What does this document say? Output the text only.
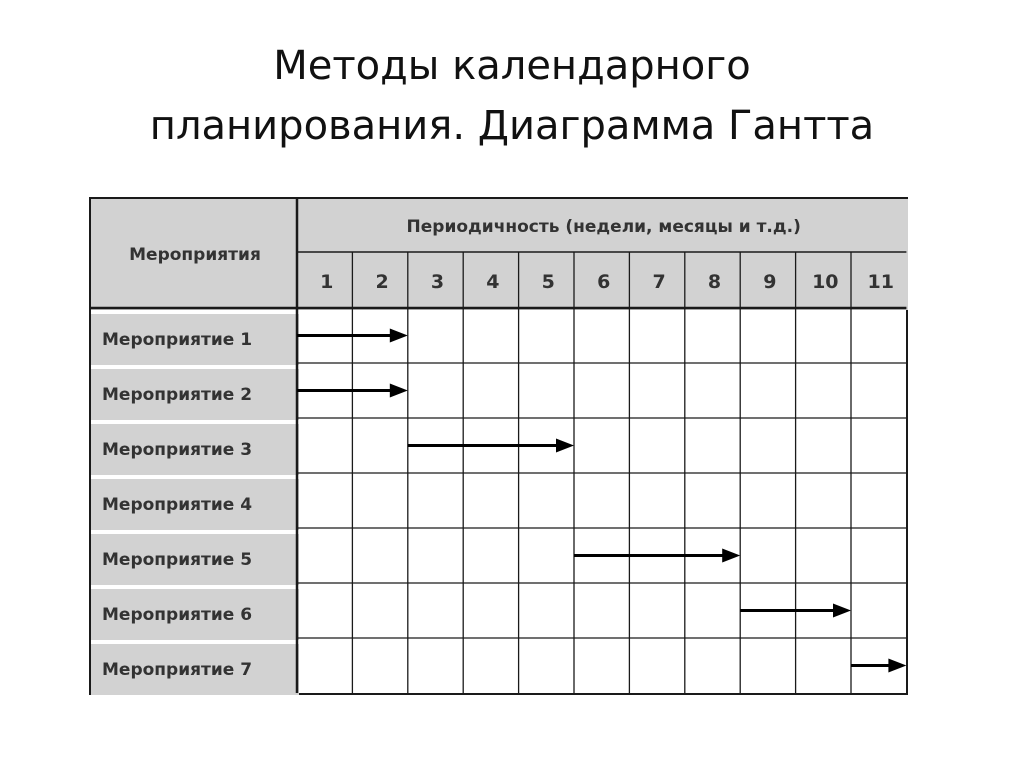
Методы календарного
планирования. Диаграмма Гантта
Мероприятия
Периодичность (недели, месяцы и т.д.)
1	2	3	4	5	6	7	8	9	10	11
Мероприятие 1
Мероприятие 2
Мероприятие 3
Мероприятие 4
Мероприятие 5
Мероприятие 6
Мероприятие 7
